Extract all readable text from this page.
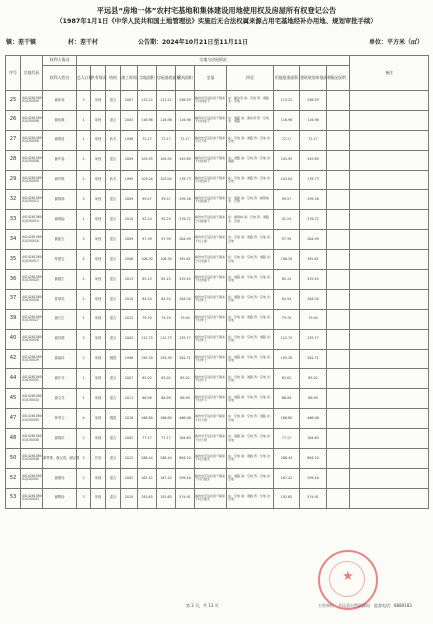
平远县“房地一体”农村宅基地和集体建设用地使用权及房屋所有权登记公告
（1987年1月1日《中华人民共和国土地管理法》实施后无合法权属来源占用宅基地经补办用地、规划审批手续）
镇：差干镇	村：差干村	公告期：2024年10月21日至11月11日	单位：平方米（㎡）
序号	宗地代码	权利人情况	宗地与房屋情况												备注
		权利人姓名	总人口数	共有情况	结构	竣工时间	宗地面积	房屋基底面积	建筑面积	坐落	四至	用地批准面积	建筑规划审批面积	情况说明	
25	441426106001JC00004	谢伟寿	3	单独	混合	2007	113.22	113.22	298.59	梅州市平远县差干镇差干村祠堂下	东：谢伟寿 南：空地 西：道路 北：空地	113.22	298.59		
26	441426106001JC00006	谢伟雄	1	单独	混合	2003	116.96	116.96	116.96	梅州市平远县差干镇差干村祠堂下	东：道路 南：谢伟寿 西：空地 北：道路	116.96	116.96		
27	441426106001JC00006	谢德清	1	单独	砖木	1998	72.17	72.17	72.17	梅州市平远县差干镇差干村下坪	东：空地 南：道路 西：空地 北：空地	72.17	72.17		
28	441426106001JC00008	谢华春	2	单独	混合	2009	105.95	105.95	345.89	梅州市平远县差干镇差干村松树下	东：道路 南：空地 西：空地 北：道路	105.95	345.89		
29	441426106001JC00009	谢华联	2	单独	砖木	1995	103.04	103.04	178.73	梅州市平远县差干镇差干村松树下	东：空地 南：道路 西：空地 北：空地	103.04	178.73		
32	441426106001JC00012	谢锦林	3	单独	混合	2009	99.57	99.57	299.26	梅州市平远县差干镇差干村新屋下	东：道路 南：空地 西：谢锦灿 北：空地	99.57	299.26		
33	441426106001JC00014	谢锦灿	1	单独	混合	2010	92.24	92.24	276.72	梅州市平远县差干镇差干村新屋下	东：谢锦林 南：空地 西：道路 北：空地	92.24	276.72		
34	441426106001JC00016	谢振天	3	单独	混合	2009	97.39	97.39	264.99	梅州市平远县差干镇差干村上屋	东：空地 南：道路 西：空地 北：空地	97.39	264.99		
35	441426106001JC00017	钟建宝	5	单独	混合	2006	106.30	106.30	392.61	梅州市平远县差干镇差干村老屋下	东：空地 南：空地 西：道路 北：空地	106.30	392.61		
36	441426106001JC00020	谢健生	2	单独	混合	2013	85.15	85.15	255.45	梅州市平远县差干镇差干村老屋下	东：道路 南：空地 西：空地 北：空地	85.15	255.45		
37	441426106001JC00026	曾翠英	2	单独	混合	2010	84.54	84.54	264.04	梅州市平远县差干镇差干村坪上	东：道路 南：空地 西：空地 北：空地	84.54	264.04		
39	441426106001JC00027	谢石生	1	单独	混合	2012	79.70	79.70	79.94	梅州市平远县差干镇差干村坪上	东：空地 南：道路 西：空地 北：空地	79.70	79.94		
40	441426106001JC00028	谢其德	3	单独	混合	2003	112.75	112.75	229.77	梅州市平远县差干镇差干村坪上	东：空地 南：空地 西：道路 北：空地	112.75	229.77		
42	441426106001JC00029	谢森扬	2	单独	钢混	1996	195.30	195.30	261.71	梅州市平远县差干镇差干村坪上	东：道路 南：空地 西：空地 北：空地	195.30	261.71		
44	441426106001JC00031	谢汗芬	1	单独	混合	2007	65.02	65.02	65.02	梅州市平远县差干镇差干村井下	东：空地 南：道路 西：空地 北：空地	65.02	65.02		
45	441426106001JC00033	谢文芬	1	单独	混合	2011	86.99	86.99	86.99	梅州市平远县差干镇差干村井下	东：道路 南：空地 西：空地 北：空地	86.99	86.99		
47	441426106001JC00035	钟秀文	4	单独	钢混	2018	166.80	166.80	466.06	梅州市平远县差干镇差干村下坝	东：空地 南：空地 西：道路 北：空地	166.80	466.06		
48	441426106001JC00036	谢锦洪	2	单独	混合	2002	77.17	77.17	164.65	梅州市平远县差干镇差干村下坝	东：道路 南：空地 西：空地 北：空地	77.17	164.65		
50	441426106001JC00038	谢赞维，谢汉燊，谢汉强	3	共同	混合	2012	288.44	288.44	864.20	梅州市平远县差干镇差干村石陂头	东：空地 南：道路 西：空地 北：空地	288.44	864.20		
52	441426106001JC00041	谢德伟	2	单独	混合	2002	167.42	167.42	299.40	梅州市平远县差干镇差干村石陂头	东：道路 南：空地 西：空地 北：空地	167.42	299.40		
53	441426106001JC00043	谢辉扬	3	单独	混合	2010	192.65	192.65	574.91	梅州市平远县差干镇差干村石陂头	东：空地 南：道路 西：空地 北：空地	192.65	574.91		
★
第 2 页，共 13 页	公告单位：平远县自然资源局 监督电话：8889183
